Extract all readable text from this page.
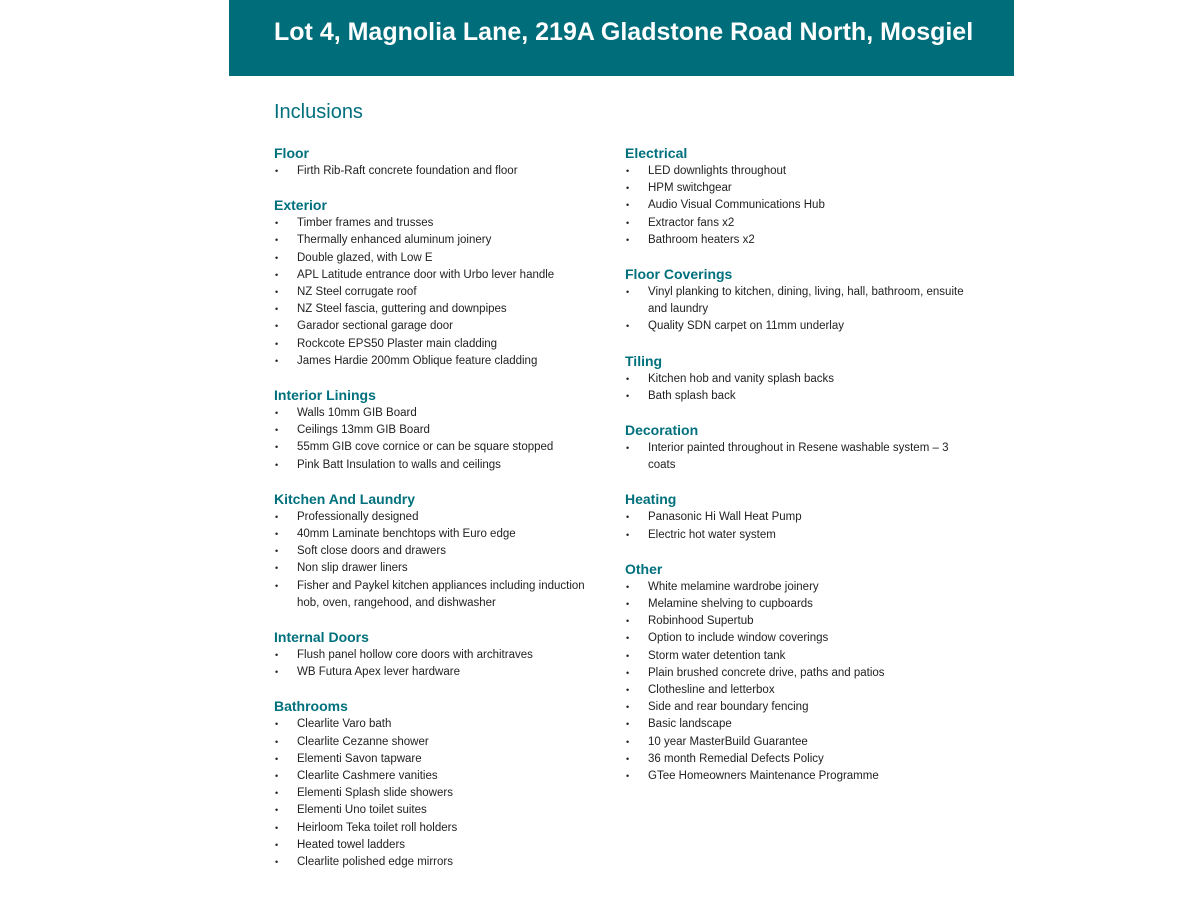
Lot 4, Magnolia Lane, 219A Gladstone Road North, Mosgiel
Inclusions
Floor
• Firth Rib-Raft concrete foundation and floor
Exterior
• Timber frames and trusses
• Thermally enhanced aluminum joinery
• Double glazed, with Low E
• APL Latitude entrance door with Urbo lever handle
• NZ Steel corrugate roof
• NZ Steel fascia, guttering and downpipes
• Garador sectional garage door
• Rockcote EPS50 Plaster main cladding
• James Hardie 200mm Oblique feature cladding
Interior Linings
• Walls 10mm GIB Board
• Ceilings 13mm GIB Board
• 55mm GIB cove cornice or can be square stopped
• Pink Batt Insulation to walls and ceilings
Kitchen And Laundry
• Professionally designed
• 40mm Laminate benchtops with Euro edge
• Soft close doors and drawers
• Non slip drawer liners
• Fisher and Paykel kitchen appliances including induction hob, oven, rangehood, and dishwasher
Internal Doors
• Flush panel hollow core doors with architraves
• WB Futura Apex lever hardware
Bathrooms
• Clearlite Varo bath
• Clearlite Cezanne shower
• Elementi Savon tapware
• Clearlite Cashmere vanities
• Elementi Splash slide showers
• Elementi Uno toilet suites
• Heirloom Teka toilet roll holders
• Heated towel ladders
• Clearlite polished edge mirrors
Electrical
• LED downlights throughout
• HPM switchgear
• Audio Visual Communications Hub
• Extractor fans x2
• Bathroom heaters x2
Floor Coverings
• Vinyl planking to kitchen, dining, living, hall, bathroom, ensuite and laundry
• Quality SDN carpet on 11mm underlay
Tiling
• Kitchen hob and vanity splash backs
• Bath splash back
Decoration
• Interior painted throughout in Resene washable system – 3 coats
Heating
• Panasonic Hi Wall Heat Pump
• Electric hot water system
Other
• White melamine wardrobe joinery
• Melamine shelving to cupboards
• Robinhood Supertub
• Option to include window coverings
• Storm water detention tank
• Plain brushed concrete drive, paths and patios
• Clothesline and letterbox
• Side and rear boundary fencing
• Basic landscape
• 10 year MasterBuild Guarantee
• 36 month Remedial Defects Policy
• GTee Homeowners Maintenance Programme
